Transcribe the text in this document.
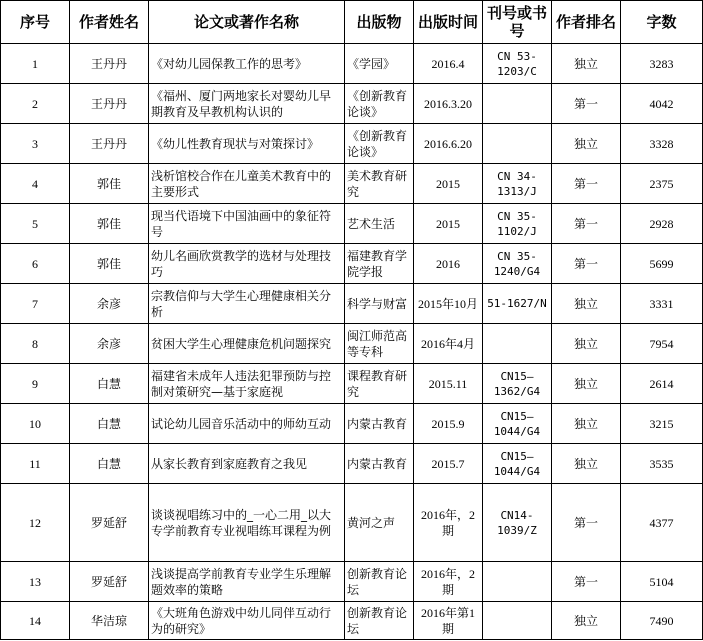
序号	作者姓名	论文或著作名称	出版物	出版时间	刊号或书号	作者排名	字数
1	王丹丹	《对幼儿园保教工作的思考》	《学园》	2016.4	CN 53-1203/C	独立	3283
2	王丹丹	《福州、厦门两地家长对婴幼儿早期教育及早教机构认识的	《创新教育论谈》	2016.3.20		第一	4042
3	王丹丹	《幼儿性教育现状与对策探讨》	《创新教育论谈》	2016.6.20		独立	3328
4	郭佳	浅析馆校合作在儿童美术教育中的主要形式	美术教育研究	2015	CN 34-1313/J	第一	2375
5	郭佳	现当代语境下中国油画中的象征符号	艺术生活	2015	CN 35-1102/J	第一	2928
6	郭佳	幼儿名画欣赏教学的选材与处理技巧	福建教育学院学报	2016	CN 35-1240/G4	第一	5699
7	余彦	宗教信仰与大学生心理健康相关分析	科学与财富	2015年10月	51-1627/N	独立	3331
8	余彦	贫困大学生心理健康危机问题探究	闽江师范高等专科	2016年4月		独立	7954
9	白慧	福建省未成年人违法犯罪预防与控制对策研究—基于家庭视	课程教育研究	2015.11	CN15—1362/G4	独立	2614
10	白慧	试论幼儿园音乐活动中的师幼互动	内蒙古教育	2015.9	CN15—1044/G4	独立	3215
11	白慧	从家长教育到家庭教育之我见	内蒙古教育	2015.7	CN15—1044/G4	独立	3535
12	罗延舒	谈谈视唱练习中的_一心二用_以大专学前教育专业视唱练耳课程为例	黄河之声	2016年，2期	CN14-1039/Z	第一	4377
13	罗延舒	浅谈提高学前教育专业学生乐理解题效率的策略	创新教育论坛	2016年，2期		第一	5104
14	华洁琼	《大班角色游戏中幼儿同伴互动行为的研究》	创新教育论坛	2016年第1期		独立	7490
